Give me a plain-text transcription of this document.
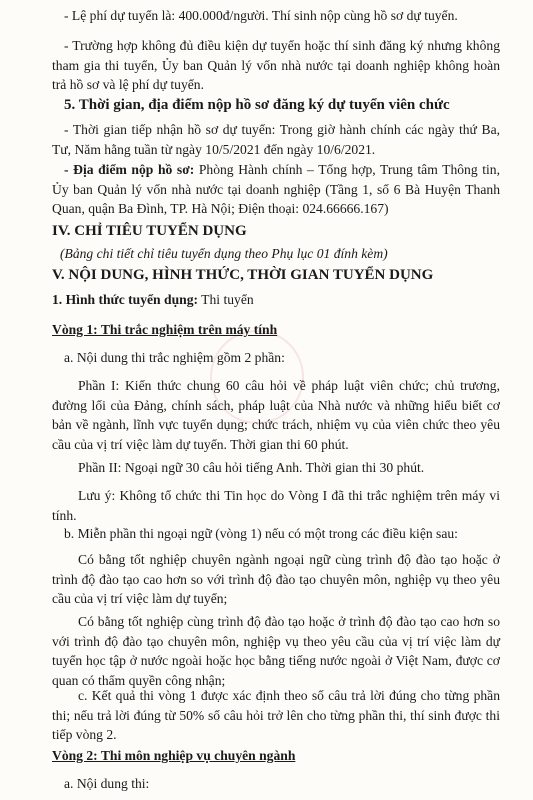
- Lệ phí dự tuyển là: 400.000đ/người. Thí sinh nộp cùng hồ sơ dự tuyển.

- Trường hợp không đủ điều kiện dự tuyển hoặc thí sinh đăng ký nhưng không tham gia thi tuyển, Ủy ban Quản lý vốn nhà nước tại doanh nghiệp không hoàn trả hồ sơ và lệ phí dự tuyển.

5. Thời gian, địa điểm nộp hồ sơ đăng ký dự tuyển viên chức

- Thời gian tiếp nhận hồ sơ dự tuyển: Trong giờ hành chính các ngày thứ Ba, Tư, Năm hằng tuần từ ngày 10/5/2021 đến ngày 10/6/2021.

- Địa điểm nộp hồ sơ: Phòng Hành chính – Tổng hợp, Trung tâm Thông tin, Ủy ban Quản lý vốn nhà nước tại doanh nghiệp (Tầng 1, số 6 Bà Huyện Thanh Quan, quận Ba Đình, TP. Hà Nội; Điện thoại: 024.66666.167)

IV. CHỈ TIÊU TUYỂN DỤNG

(Bảng chi tiết chỉ tiêu tuyển dụng theo Phụ lục 01 đính kèm)

V. NỘI DUNG, HÌNH THỨC, THỜI GIAN TUYỂN DỤNG

1. Hình thức tuyển dụng: Thi tuyển

Vòng 1: Thi trắc nghiệm trên máy tính

a. Nội dung thi trắc nghiệm gồm 2 phần:

Phần I: Kiến thức chung 60 câu hỏi về pháp luật viên chức; chủ trương, đường lối của Đảng, chính sách, pháp luật của Nhà nước và những hiểu biết cơ bản về ngành, lĩnh vực tuyển dụng; chức trách, nhiệm vụ của viên chức theo yêu cầu của vị trí việc làm dự tuyển. Thời gian thi 60 phút.

Phần II: Ngoại ngữ 30 câu hỏi tiếng Anh. Thời gian thi 30 phút.

Lưu ý: Không tổ chức thi Tin học do Vòng I đã thi trắc nghiệm trên máy vi tính.

b. Miễn phần thi ngoại ngữ (vòng 1) nếu có một trong các điều kiện sau:

Có bằng tốt nghiệp chuyên ngành ngoại ngữ cùng trình độ đào tạo hoặc ở trình độ đào tạo cao hơn so với trình độ đào tạo chuyên môn, nghiệp vụ theo yêu cầu của vị trí việc làm dự tuyển;

Có bằng tốt nghiệp cùng trình độ đào tạo hoặc ở trình độ đào tạo cao hơn so với trình độ đào tạo chuyên môn, nghiệp vụ theo yêu cầu của vị trí việc làm dự tuyển học tập ở nước ngoài hoặc học bằng tiếng nước ngoài ở Việt Nam, được cơ quan có thẩm quyền công nhận;

c. Kết quả thi vòng 1 được xác định theo số câu trả lời đúng cho từng phần thi; nếu trả lời đúng từ 50% số câu hỏi trở lên cho từng phần thi, thí sinh được thi tiếp vòng 2.

Vòng 2: Thi môn nghiệp vụ chuyên ngành

a. Nội dung thi:
